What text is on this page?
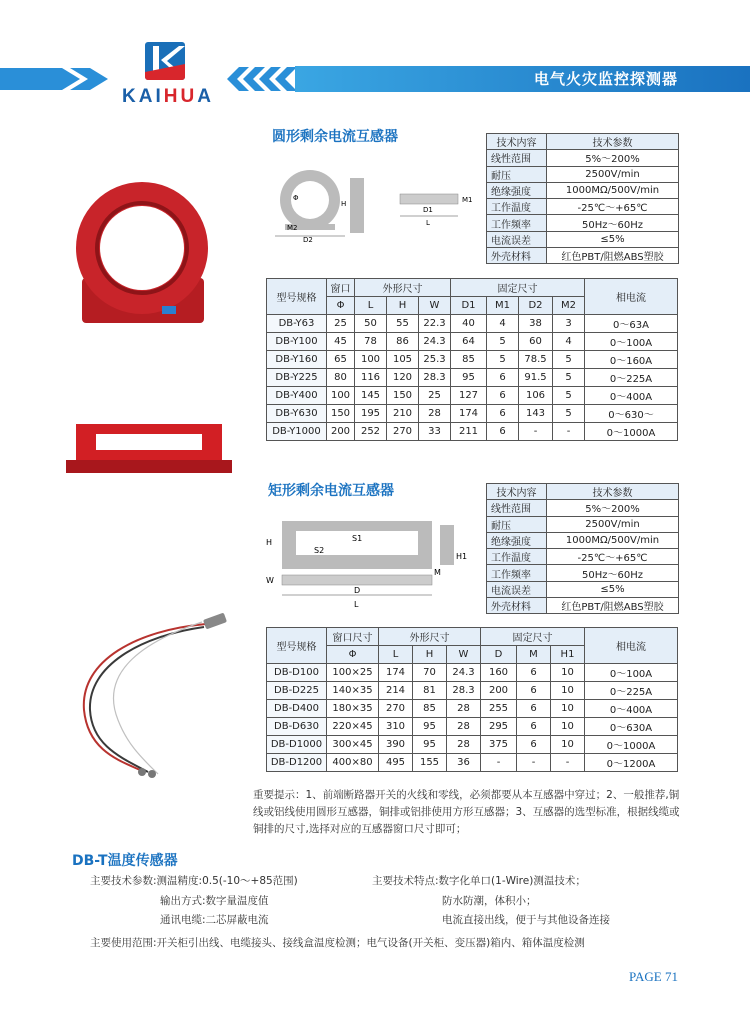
KAIHUA
电气火灾监控探测器
圆形剩余电流互感器
Φ
D2
M2
H
D1
M1
L
技术内容	技术参数
线性范围	5%～200%
耐压	2500V/min
绝缘强度	1000MΩ/500V/min
工作温度	-25℃～+65℃
工作频率	50Hz～60Hz
电流误差	≤5%
外壳材料	红色PBT/阻燃ABS塑胶
型号规格	窗口	外形尺寸			固定尺寸				相电流
	Φ	L	H	W	D1	M1	D2	M2	
DB-Y63	25	50	55	22.3	40	4	38	3	0～63A
DB-Y100	45	78	86	24.3	64	5	60	4	0～100A
DB-Y160	65	100	105	25.3	85	5	78.5	5	0～160A
DB-Y225	80	116	120	28.3	95	6	91.5	5	0～225A
DB-Y400	100	145	150	25	127	6	106	5	0～400A
DB-Y630	150	195	210	28	174	6	143	5	0～630～
DB-Y1000	200	252	270	33	211	6	-	-	0～1000A
矩形剩余电流互感器
H	S1
S2
H1
W
M
D
L
技术内容	技术参数
线性范围	5%～200%
耐压	2500V/min
绝缘强度	1000MΩ/500V/min
工作温度	-25℃～+65℃
工作频率	50Hz～60Hz
电流误差	≤5%
外壳材料	红色PBT/阻燃ABS塑胶
型号规格	窗口尺寸	外形尺寸			固定尺寸			相电流
	Φ	L	H	W	D	M	H1	
DB-D100	100×25	174	70	24.3	160	6	10	0～100A
DB-D225	140×35	214	81	28.3	200	6	10	0～225A
DB-D400	180×35	270	85	28	255	6	10	0～400A
DB-D630	220×45	310	95	28	295	6	10	0～630A
DB-D1000	300×45	390	95	28	375	6	10	0～1000A
DB-D1200	400×80	495	155	36	-	-	-	0～1200A
重要提示：1、前端断路器开关的火线和零线，必须都要从本互感器中穿过；2、一般推荐,铜线或铝线使用圆形互感器，铜排或铝排使用方形互感器；3、互感器的选型标准，根据线缆或铜排的尺寸,选择对应的互感器窗口尺寸即可；
DB-T温度传感器
主要技术参数:测温精度:0.5(-10～+85范围)
输出方式:数字量温度值
通讯电缆:二芯屏蔽电流
主要技术特点:数字化单口(1-Wire)测温技术；
防水防潮，体积小；
电流直接出线，便于与其他设备连接
主要使用范围:开关柜引出线、电缆接头、接线盒温度检测；电气设备(开关柜、变压器)箱内、箱体温度检测
PAGE 71
